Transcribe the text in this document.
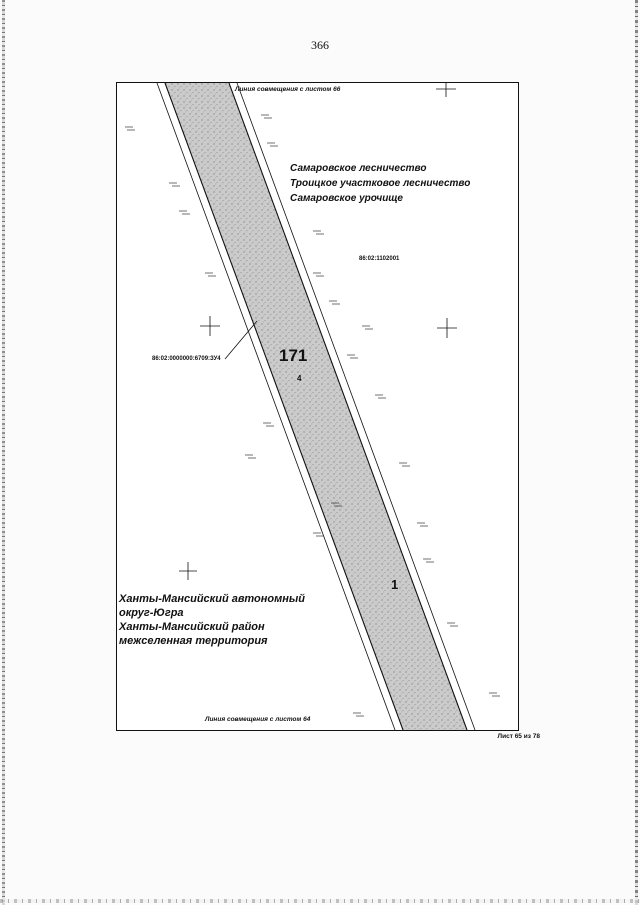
366
Линия совмещения с листом 66
Самаровское лесничество
Троицкое участковое лесничество
Самаровское урочище
86:02:1102001
86:02:0000000:6709:ЗУ4	171
4
1
Ханты-Мансийский автономный
округ-Югра
Ханты-Мансийский район
межселенная территория
Линия совмещения с листом 64
Лист 65 из 78
